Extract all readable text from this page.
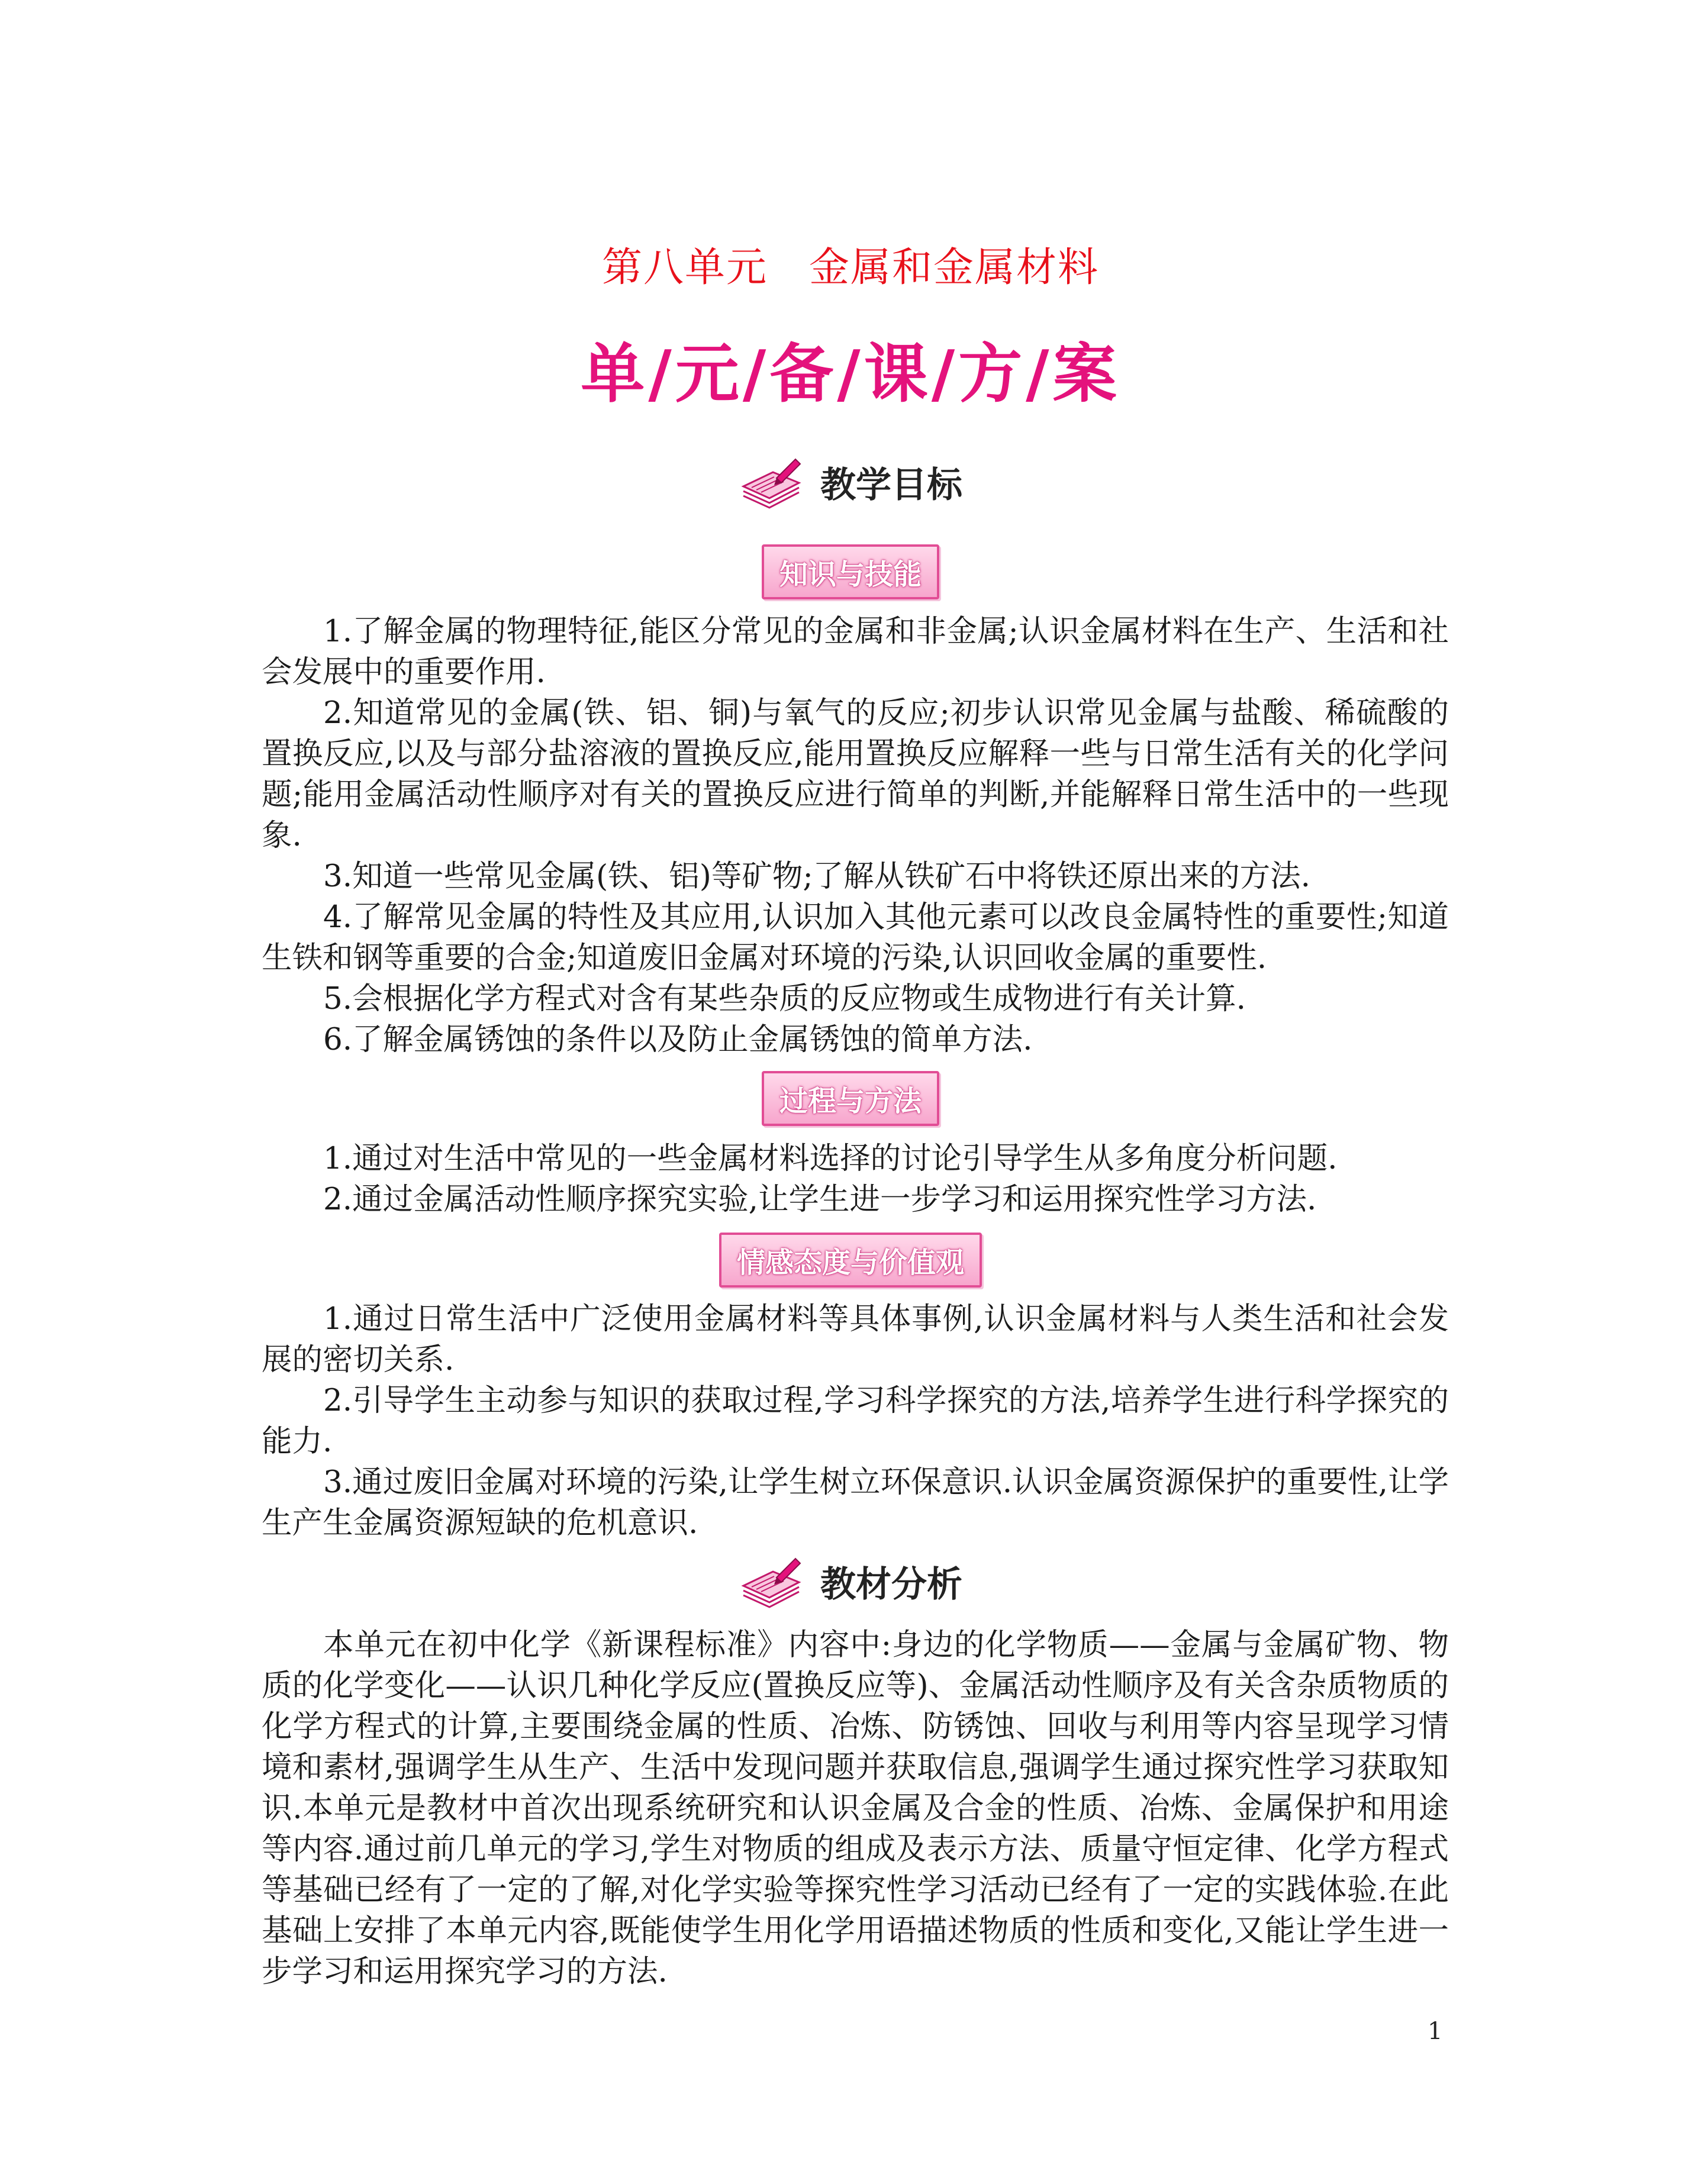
第八单元　金属和金属材料
单/元/备/课/方/案
教学目标
知识与技能

1.了解金属的物理特征,能区分常见的金属和非金属;认识金属材料在生产、生活和社会发展中的重要作用.

2.知道常见的金属(铁、铝、铜)与氧气的反应;初步认识常见金属与盐酸、稀硫酸的置换反应,以及与部分盐溶液的置换反应,能用置换反应解释一些与日常生活有关的化学问题;能用金属活动性顺序对有关的置换反应进行简单的判断,并能解释日常生活中的一些现象.

3.知道一些常见金属(铁、铝)等矿物;了解从铁矿石中将铁还原出来的方法.

4.了解常见金属的特性及其应用,认识加入其他元素可以改良金属特性的重要性;知道生铁和钢等重要的合金;知道废旧金属对环境的污染,认识回收金属的重要性.

5.会根据化学方程式对含有某些杂质的反应物或生成物进行有关计算.

6.了解金属锈蚀的条件以及防止金属锈蚀的简单方法.

过程与方法

1.通过对生活中常见的一些金属材料选择的讨论引导学生从多角度分析问题.

2.通过金属活动性顺序探究实验,让学生进一步学习和运用探究性学习方法.

情感态度与价值观

1.通过日常生活中广泛使用金属材料等具体事例,认识金属材料与人类生活和社会发展的密切关系.

2.引导学生主动参与知识的获取过程,学习科学探究的方法,培养学生进行科学探究的能力.

3.通过废旧金属对环境的污染,让学生树立环保意识.认识金属资源保护的重要性,让学生产生金属资源短缺的危机意识.

教材分析

本单元在初中化学《新课程标准》内容中:身边的化学物质——金属与金属矿物、物质的化学变化——认识几种化学反应(置换反应等)、金属活动性顺序及有关含杂质物质的化学方程式的计算,主要围绕金属的性质、冶炼、防锈蚀、回收与利用等内容呈现学习情境和素材,强调学生从生产、生活中发现问题并获取信息,强调学生通过探究性学习获取知识.本单元是教材中首次出现系统研究和认识金属及合金的性质、冶炼、金属保护和用途等内容.通过前几单元的学习,学生对物质的组成及表示方法、质量守恒定律、化学方程式等基础已经有了一定的了解,对化学实验等探究性学习活动已经有了一定的实践体验.在此基础上安排了本单元内容,既能使学生用化学用语描述物质的性质和变化,又能让学生进一步学习和运用探究学习的方法.

1
